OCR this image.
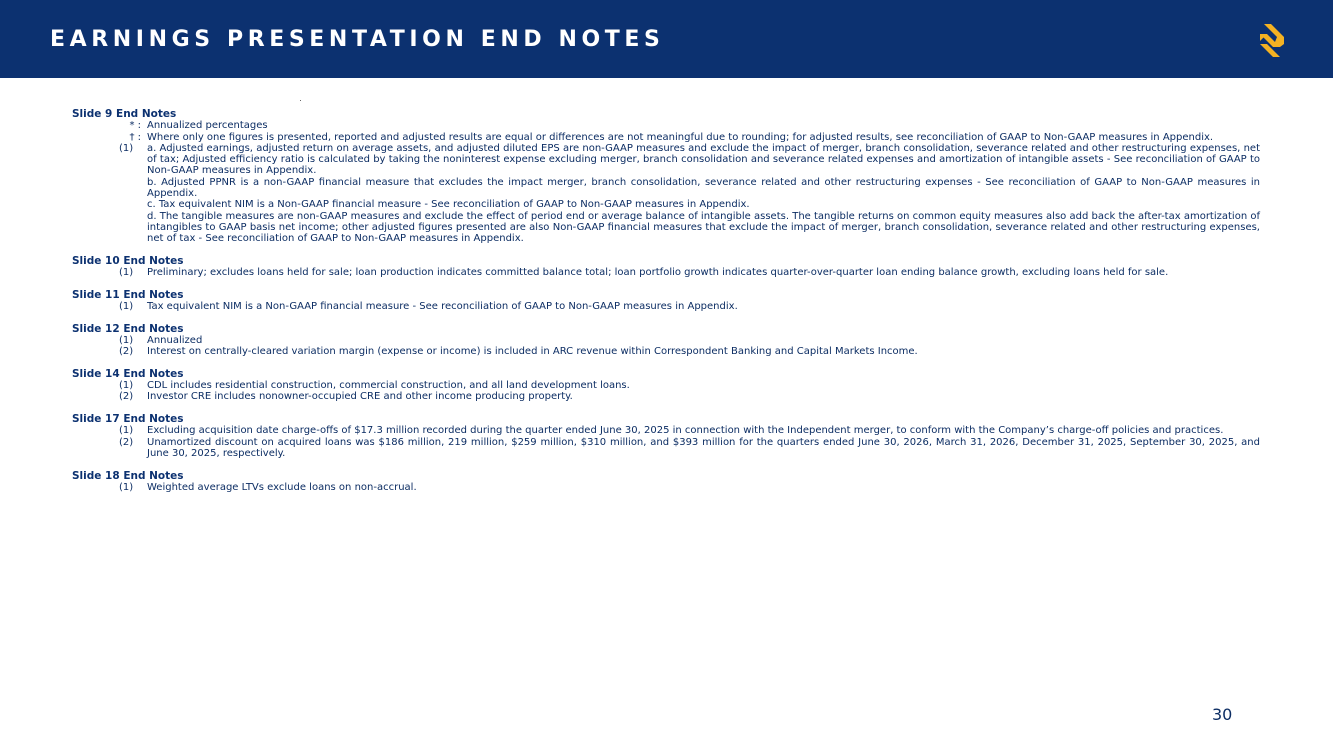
EARNINGS PRESENTATION END NOTES
Slide 9 End Notes
* : Annualized percentages
† : Where only one figures is presented, reported and adjusted results are equal or differences are not meaningful due to rounding; for adjusted results, see reconciliation of GAAP to Non-GAAP measures in Appendix.
(1)	a. Adjusted earnings, adjusted return on average assets, and adjusted diluted EPS are non-GAAP measures and exclude the impact of merger, branch consolidation, severance related and other restructuring expenses, net of tax; Adjusted efficiency ratio is calculated by taking the noninterest expense excluding merger, branch consolidation and severance related expenses and amortization of intangible assets - See reconciliation of GAAP to Non-GAAP measures in Appendix.
b. Adjusted PPNR is a non-GAAP financial measure that excludes the impact merger, branch consolidation, severance related and other restructuring expenses - See reconciliation of GAAP to Non-GAAP measures in Appendix.
c. Tax equivalent NIM is a Non-GAAP financial measure - See reconciliation of GAAP to Non-GAAP measures in Appendix.
d. The tangible measures are non-GAAP measures and exclude the effect of period end or average balance of intangible assets. The tangible returns on common equity measures also add back the after-tax amortization of intangibles to GAAP basis net income; other adjusted figures presented are also Non-GAAP financial measures that exclude the impact of merger, branch consolidation, severance related and other restructuring expenses, net of tax - See reconciliation of GAAP to Non-GAAP measures in Appendix.
Slide 10 End Notes
(1)	Preliminary; excludes loans held for sale; loan production indicates committed balance total; loan portfolio growth indicates quarter-over-quarter loan ending balance growth, excluding loans held for sale.
Slide 11 End Notes
(1)	Tax equivalent NIM is a Non-GAAP financial measure - See reconciliation of GAAP to Non-GAAP measures in Appendix.
Slide 12 End Notes
(1)	Annualized
(2)	Interest on centrally-cleared variation margin (expense or income) is included in ARC revenue within Correspondent Banking and Capital Markets Income.
Slide 14 End Notes
(1)	CDL includes residential construction, commercial construction, and all land development loans.
(2)	Investor CRE includes nonowner-occupied CRE and other income producing property.
Slide 17 End Notes
(1)	Excluding acquisition date charge-offs of $17.3 million recorded during the quarter ended June 30, 2025 in connection with the Independent merger, to conform with the Company’s charge-off policies and practices.
(2)	Unamortized discount on acquired loans was $186 million, 219 million, $259 million, $310 million, and $393 million for the quarters ended June 30, 2026, March 31, 2026, December 31, 2025, September 30, 2025, and June 30, 2025, respectively.
Slide 18 End Notes
(1)	Weighted average LTVs exclude loans on non-accrual.
30
